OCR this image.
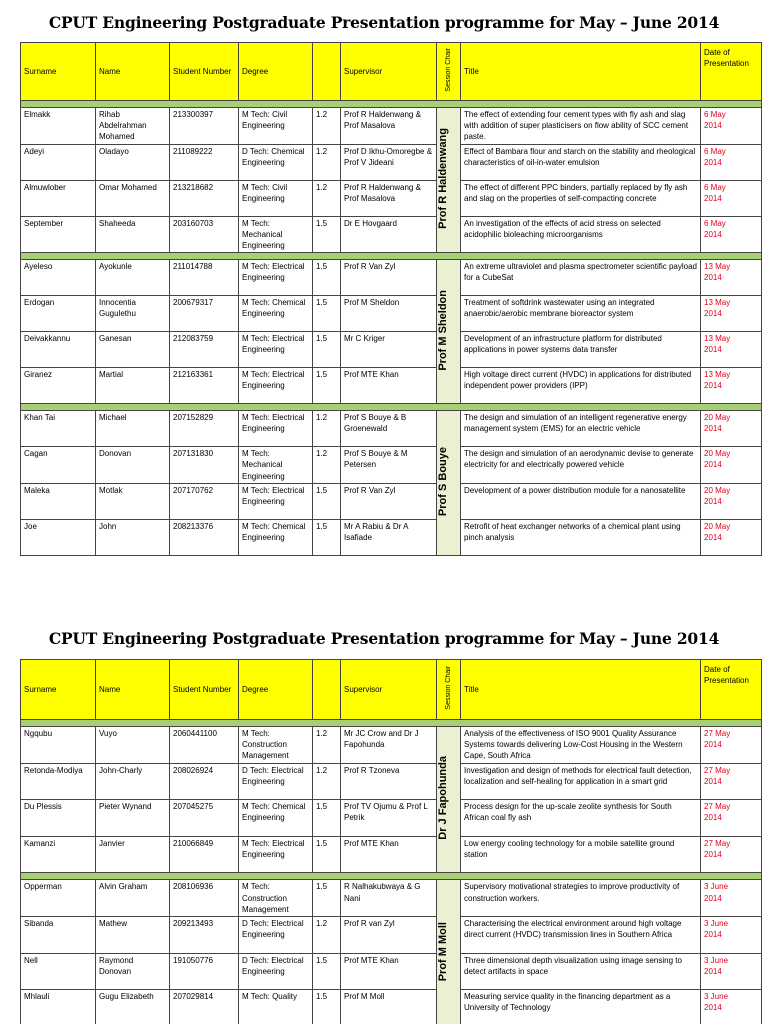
CPUT Engineering Postgraduate Presentation programme for May – June 2014
Surname	Name	Student Number	Degree		Supervisor	Session Chair	Title	Date of Presentation

Elmakk	Rihab Abdelrahman Mohamed	213300397	M Tech: Civil Engineering	1.2	Prof R Haldenwang & Prof Masalova	Prof R Haldenwang	The effect of extending four cement types with fly ash and slag with addition of super plasticisers on flow ability of SCC cement paste.	6 May
2014

Adeyi	Oladayo	211089222	D Tech: Chemical Engineering	1.2	Prof D Ikhu-Omoregbe & Prof V Jideani		Effect of Bambara flour and starch on the stability and rheological characteristics of oil-in-water emulsion	6 May
2014

Almuwlober	Omar Mohamed	213218682	M Tech: Civil Engineering	1.2	Prof R Haldenwang & Prof Masalova		The effect of different PPC binders, partially replaced by fly ash and slag on the properties of self-compacting concrete	6 May
2014

September	Shaheeda	203160703	M Tech: Mechanical Engineering	1.5	Dr E Hovgaard		An investigation of the effects of acid stress on selected acidophilic bioleaching microorganisms	6 May
2014

Ayeleso	Ayokunle	211014788	M Tech: Electrical Engineering	1.5	Prof R Van Zyl	Prof M Sheldon	An extreme ultraviolet and plasma spectrometer scientific payload for a CubeSat	13 May
2014

Erdogan	Innocentia Gugulethu	200679317	M Tech: Chemical Engineering	1.5	Prof M Sheldon		Treatment of softdrink wastewater using an integrated anaerobic/aerobic membrane bioreactor system	13 May
2014

Deivakkannu	Ganesan	212083759	M Tech: Electrical Engineering	1.5	Mr C Kriger		Development of an infrastructure platform for distributed applications in power systems data transfer	13 May
2014

Giranez	Martial	212163361	M Tech: Electrical Engineering	1.5	Prof MTE Khan		High voltage direct current (HVDC) in applications for distributed independent power providers (IPP)	13 May
2014

Khan Tai	Michael	207152829	M Tech: Electrical Engineering	1.2	Prof S Bouye & B Groenewald	Prof S Bouye	The design and simulation of an intelligent regenerative energy management system (EMS) for an electric vehicle	20 May
2014

Cagan	Donovan	207131830	M Tech: Mechanical Engineering	1.2	Prof S Bouye & M Petersen		The design and simulation of an aerodynamic devise to generate electricity for and electrically powered vehicle	20 May
2014

Maleka	Motlak	207170762	M Tech: Electrical Engineering	1.5	Prof R Van Zyl		Development of a power distribution module for a nanosatellite	20 May
2014

Joe	John	208213376	M Tech: Chemical Engineering	1.5	Mr A Rabiu & Dr A Isafiade		Retrofit of heat exchanger networks of a chemical plant using pinch analysis	20 May
2014
CPUT Engineering Postgraduate Presentation programme for May – June 2014
Surname	Name	Student Number	Degree		Supervisor	Session Chair	Title	Date of Presentation

Ngqubu	Vuyo	2060441100	M Tech: Construction Management	1.2	Mr JC Crow and Dr J Fapohunda	Dr J Fapohunda	Analysis of the effectiveness of ISO 9001 Quality Assurance Systems towards delivering Low-Cost Housing in the Western Cape, South Africa	27 May
2014

Retonda-Modiya	John-Charly	208026924	D Tech: Electrical Engineering	1.2	Prof R Tzoneva		Investigation and design of methods for electrical fault detection, localization and self-healing for application in a smart grid	27 May
2014

Du Plessis	Pieter Wynand	207045275	M Tech: Chemical Engineering	1.5	Prof TV Ojumu & Prof L Petrik		Process design for the up-scale zeolite synthesis for South African coal fly ash	27 May
2014

Kamanzi	Janvier	210066849	M Tech: Electrical Engineering	1.5	Prof MTE Khan		Low energy cooling technology for a mobile satellite ground station	27 May
2014

Opperman	Alvin Graham	208106936	M Tech: Construction Management	1.5	R Nalhakubwaya & G Nani	Prof M Moll	Supervisory motivational strategies to improve productivity of construction workers.	3 June
2014

Sibanda	Mathew	209213493	D Tech: Electrical Engineering	1.2	Prof R van Zyl		Characterising the electrical environment around high voltage direct current (HVDC) transmission lines in Southern Africa	3 June
2014

Nell	Raymond Donovan	191050776	D Tech: Electrical Engineering	1.5	Prof MTE Khan		Three dimensional depth visualization using image sensing to detect artifacts in space	3 June
2014

Mhlauli	Gugu Elizabeth	207029814	M Tech: Quality	1.5	Prof M Moll		Measuring service quality in the financing department as a University of Technology	3 June
2014
